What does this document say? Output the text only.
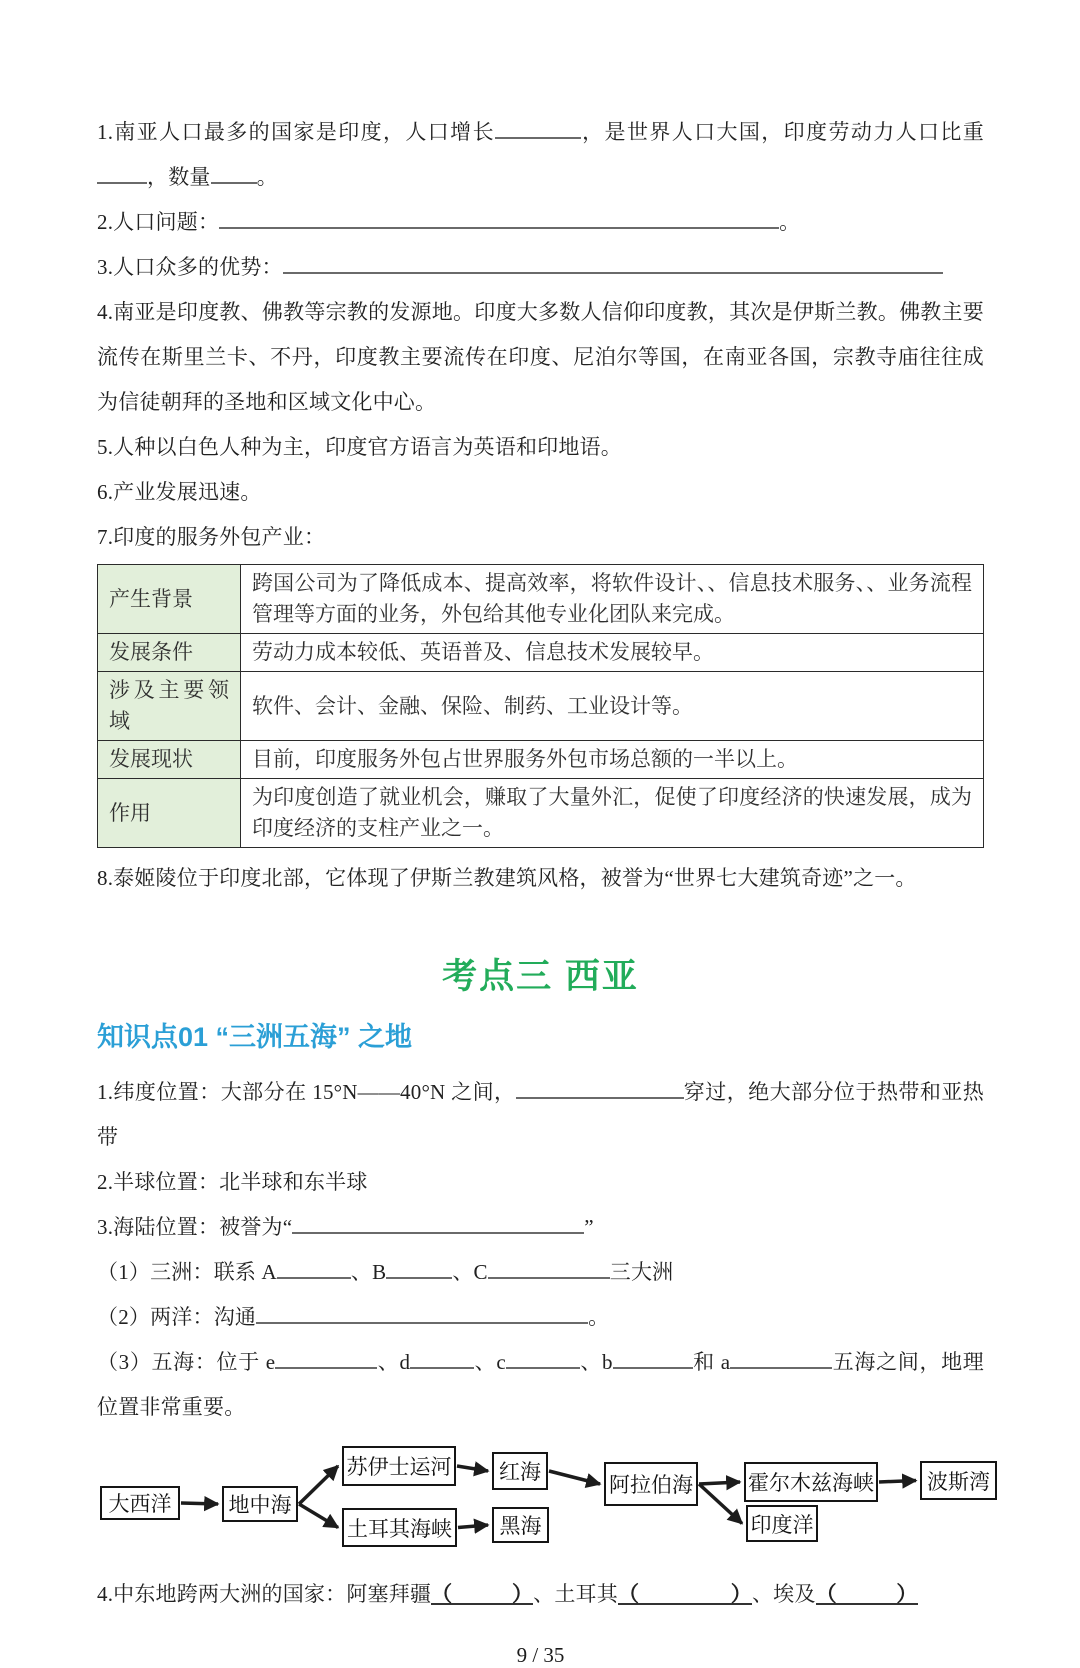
1.南亚人口最多的国家是印度，人口增长	，是世界人口大国，印度劳动力人口比重，数量 。

2.人口问题：	。

3.人口众多的优势：

4.南亚是印度教、佛教等宗教的发源地。印度大多数人信仰印度教，其次是伊斯兰教。佛教主要流传在斯里兰卡、不丹，印度教主要流传在印度、尼泊尔等国，在南亚各国，宗教寺庙往往成为信徒朝拜的圣地和区域文化中心。

5.人种以白色人种为主，印度官方语言为英语和印地语。

6.产业发展迅速。

7.印度的服务外包产业：

产生背景	跨国公司为了降低成本、提高效率，将软件设计、、信息技术服务、、业务流程管理等方面的业务，外包给其他专业化团队来完成。
发展条件	劳动力成本较低、英语普及、信息技术发展较早。
涉及主要领域	软件、会计、金融、保险、制药、工业设计等。
发展现状	目前，印度服务外包占世界服务外包市场总额的一半以上。
作用	为印度创造了就业机会，赚取了大量外汇，促使了印度经济的快速发展，成为印度经济的支柱产业之一。

8.泰姬陵位于印度北部，它体现了伊斯兰教建筑风格，被誉为“世界七大建筑奇迹”之一。

考点三 西亚
知识点01 “三洲五海” 之地

1.纬度位置：大部分在 15°N——40°N 之间，	穿过，绝大部分位于热带和亚热带

2.半球位置：北半球和东半球

3.海陆位置：被誉为“	”

（1）三洲：联系 A	、B	、C	三大洲

（2）两洋：沟通	。

（3）五海：位于 e	、d	、c	、b	和 a	五海之间，地理位置非常重要。

大西洋	地中海
苏伊士运河	红海
阿拉伯海	霍尔木兹海峡	波斯湾
土耳其海峡	黑海	印度洋

4.中东地跨两大洲的国家：阿塞拜疆 （	） 、土耳其 （	） 、埃及 （	）

9 / 35
